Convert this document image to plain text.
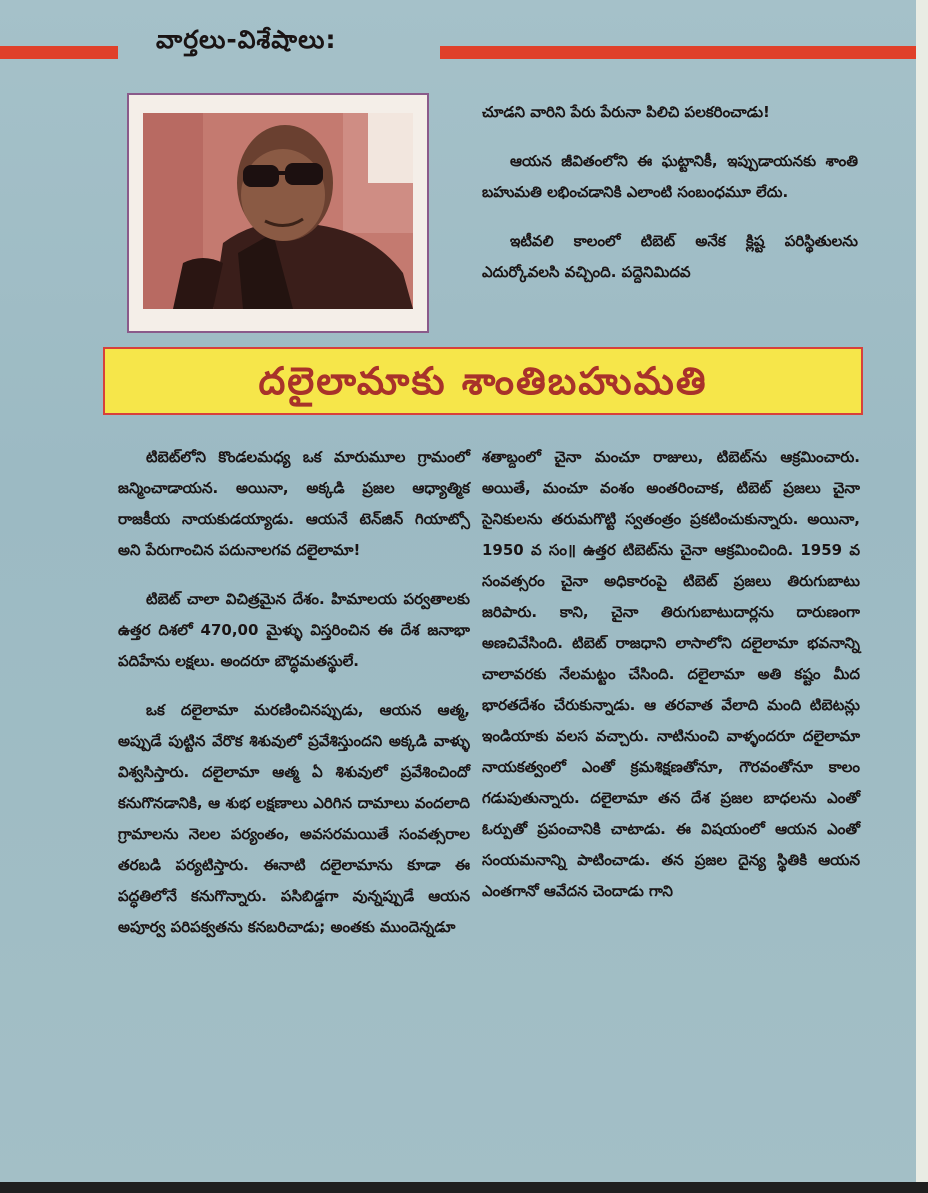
వార్తలు-విశేషాలు:

చూడని వారిని పేరు పేరునా పిలిచి పలకరించాడు!

ఆయన జీవితంలోని ఈ ఘట్టానికీ, ఇప్పుడాయనకు శాంతి బహుమతి లభించడానికి ఎలాంటి సంబంధమూ లేదు.

ఇటీవలి కాలంలో టిబెట్ అనేక క్లిష్ట పరిస్థితులను ఎదుర్కోవలసి వచ్చింది. పద్దెనిమిదవ

దలైలామాకు శాంతిబహుమతి

టిబెట్‌లోని కొండలమధ్య ఒక మారుమూల గ్రామంలో జన్మించాడాయన. అయినా, అక్కడి ప్రజల ఆధ్యాత్మిక రాజకీయ నాయకుడయ్యాడు. ఆయనే టెన్‌జిన్ గియాట్సో అని పేరుగాంచిన పదునాలగవ దలైలామా!

టిబెట్ చాలా విచిత్రమైన దేశం. హిమాలయ పర్వతాలకు ఉత్తర దిశలో 470,00 మైళ్ళు విస్తరించిన ఈ దేశ జనాభా పదిహేను లక్షలు. అందరూ బౌద్ధమతస్థులే.

ఒక దలైలామా మరణించినప్పుడు, ఆయన ఆత్మ, అప్పుడే పుట్టిన వేరొక శిశువులో ప్రవేశిస్తుందని అక్కడి వాళ్ళు విశ్వసిస్తారు. దలైలామా ఆత్మ ఏ శిశువులో ప్రవేశించిందో కనుగొనడానికి, ఆ శుభ లక్షణాలు ఎరిగిన దామాలు వందలాది గ్రామాలను నెలల పర్యంతం, అవసరమయితే సంవత్సరాల తరబడి పర్యటిస్తారు. ఈనాటి దలైలామాను కూడా ఈ పద్ధతిలోనే కనుగొన్నారు. పసిబిడ్డగా వున్నప్పుడే ఆయన అపూర్వ పరిపక్వతను కనబరిచాడు; అంతకు ముందెన్నడూ

శతాబ్దంలో చైనా మంచూ రాజులు, టిబెట్‌ను ఆక్రమించారు. అయితే, మంచూ వంశం అంతరించాక, టిబెట్ ప్రజలు చైనా సైనికులను తరుమగొట్టి స్వతంత్రం ప్రకటించుకున్నారు. అయినా, 1950 వ సం॥ ఉత్తర టిబెట్‌ను చైనా ఆక్రమించింది. 1959 వ సంవత్సరం చైనా అధికారంపై టిబెట్ ప్రజలు తిరుగుబాటు జరిపారు. కాని, చైనా తిరుగుబాటుదార్లను దారుణంగా అణచివేసింది. టిబెట్ రాజధాని లాసాలోని దలైలామా భవనాన్ని చాలావరకు నేలమట్టం చేసింది. దలైలామా అతి కష్టం మీద భారతదేశం చేరుకున్నాడు. ఆ తరవాత వేలాది మంది టిబెటన్లు ఇండియాకు వలస వచ్చారు. నాటినుంచి వాళ్ళందరూ దలైలామా నాయకత్వంలో ఎంతో క్రమశిక్షణతోనూ, గౌరవంతోనూ కాలం గడుపుతున్నారు. దలైలామా తన దేశ ప్రజల బాధలను ఎంతో ఓర్పుతో ప్రపంచానికి చాటాడు. ఈ విషయంలో ఆయన ఎంతో సంయమనాన్ని పాటించాడు. తన ప్రజల దైన్య స్థితికి ఆయన ఎంతగానో ఆవేదన చెందాడు గాని
